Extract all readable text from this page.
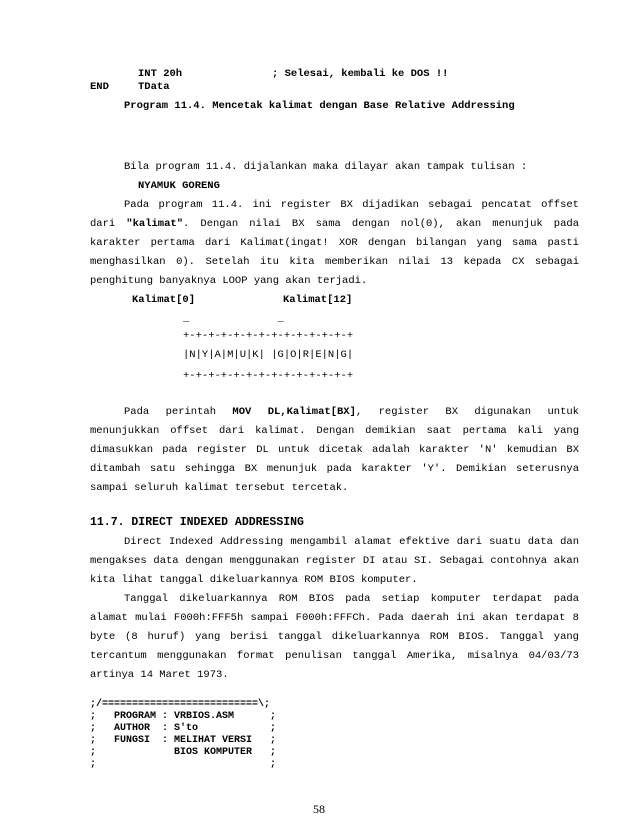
INT 20h	; Selesai, kembali ke DOS !!
END	TData
Program 11.4. Mencetak kalimat dengan Base Relative Addressing
Bila program 11.4. dijalankan maka dilayar akan tampak tulisan :
NYAMUK GORENG
Pada program 11.4. ini register BX dijadikan sebagai pencatat offset
dari "kalimat". Dengan nilai BX sama dengan nol(0), akan menunjuk pada
karakter pertama dari Kalimat(ingat! XOR dengan bilangan yang sama pasti
menghasilkan 0). Setelah itu kita memberikan nilai 13 kepada CX sebagai
penghitung banyaknya LOOP yang akan terjadi.
Kalimat[0]	Kalimat[12]
_              _
+-+-+-+-+-+-+-+-+-+-+-+-+-+
|N|Y|A|M|U|K| |G|O|R|E|N|G|
+-+-+-+-+-+-+-+-+-+-+-+-+-+
Pada perintah MOV DL,Kalimat[BX], register BX digunakan untuk
menunjukkan offset dari kalimat. Dengan demikian saat pertama kali yang
dimasukkan pada register DL untuk dicetak adalah karakter 'N' kemudian BX
ditambah satu sehingga BX menunjuk pada karakter 'Y'. Demikian seterusnya
sampai seluruh kalimat tersebut tercetak.
11.7. DIRECT INDEXED ADDRESSING
Direct Indexed Addressing mengambil alamat efektive dari suatu data dan
mengakses data dengan menggunakan register DI atau SI. Sebagai contohnya akan
kita lihat tanggal dikeluarkannya ROM BIOS komputer.
Tanggal dikeluarkannya ROM BIOS pada setiap komputer terdapat pada
alamat mulai F000h:FFF5h sampai F000h:FFFCh. Pada daerah ini akan terdapat 8
byte (8 huruf) yang berisi tanggal dikeluarkannya ROM BIOS. Tanggal yang
tercantum menggunakan format penulisan tanggal Amerika, misalnya 04/03/73
artinya 14 Maret 1973.
;/==========================\;
;   PROGRAM : VRBIOS.ASM      ;
;   AUTHOR  : S'to            ;
;   FUNGSI  : MELIHAT VERSI   ;
;             BIOS KOMPUTER   ;
;                             ;
58
